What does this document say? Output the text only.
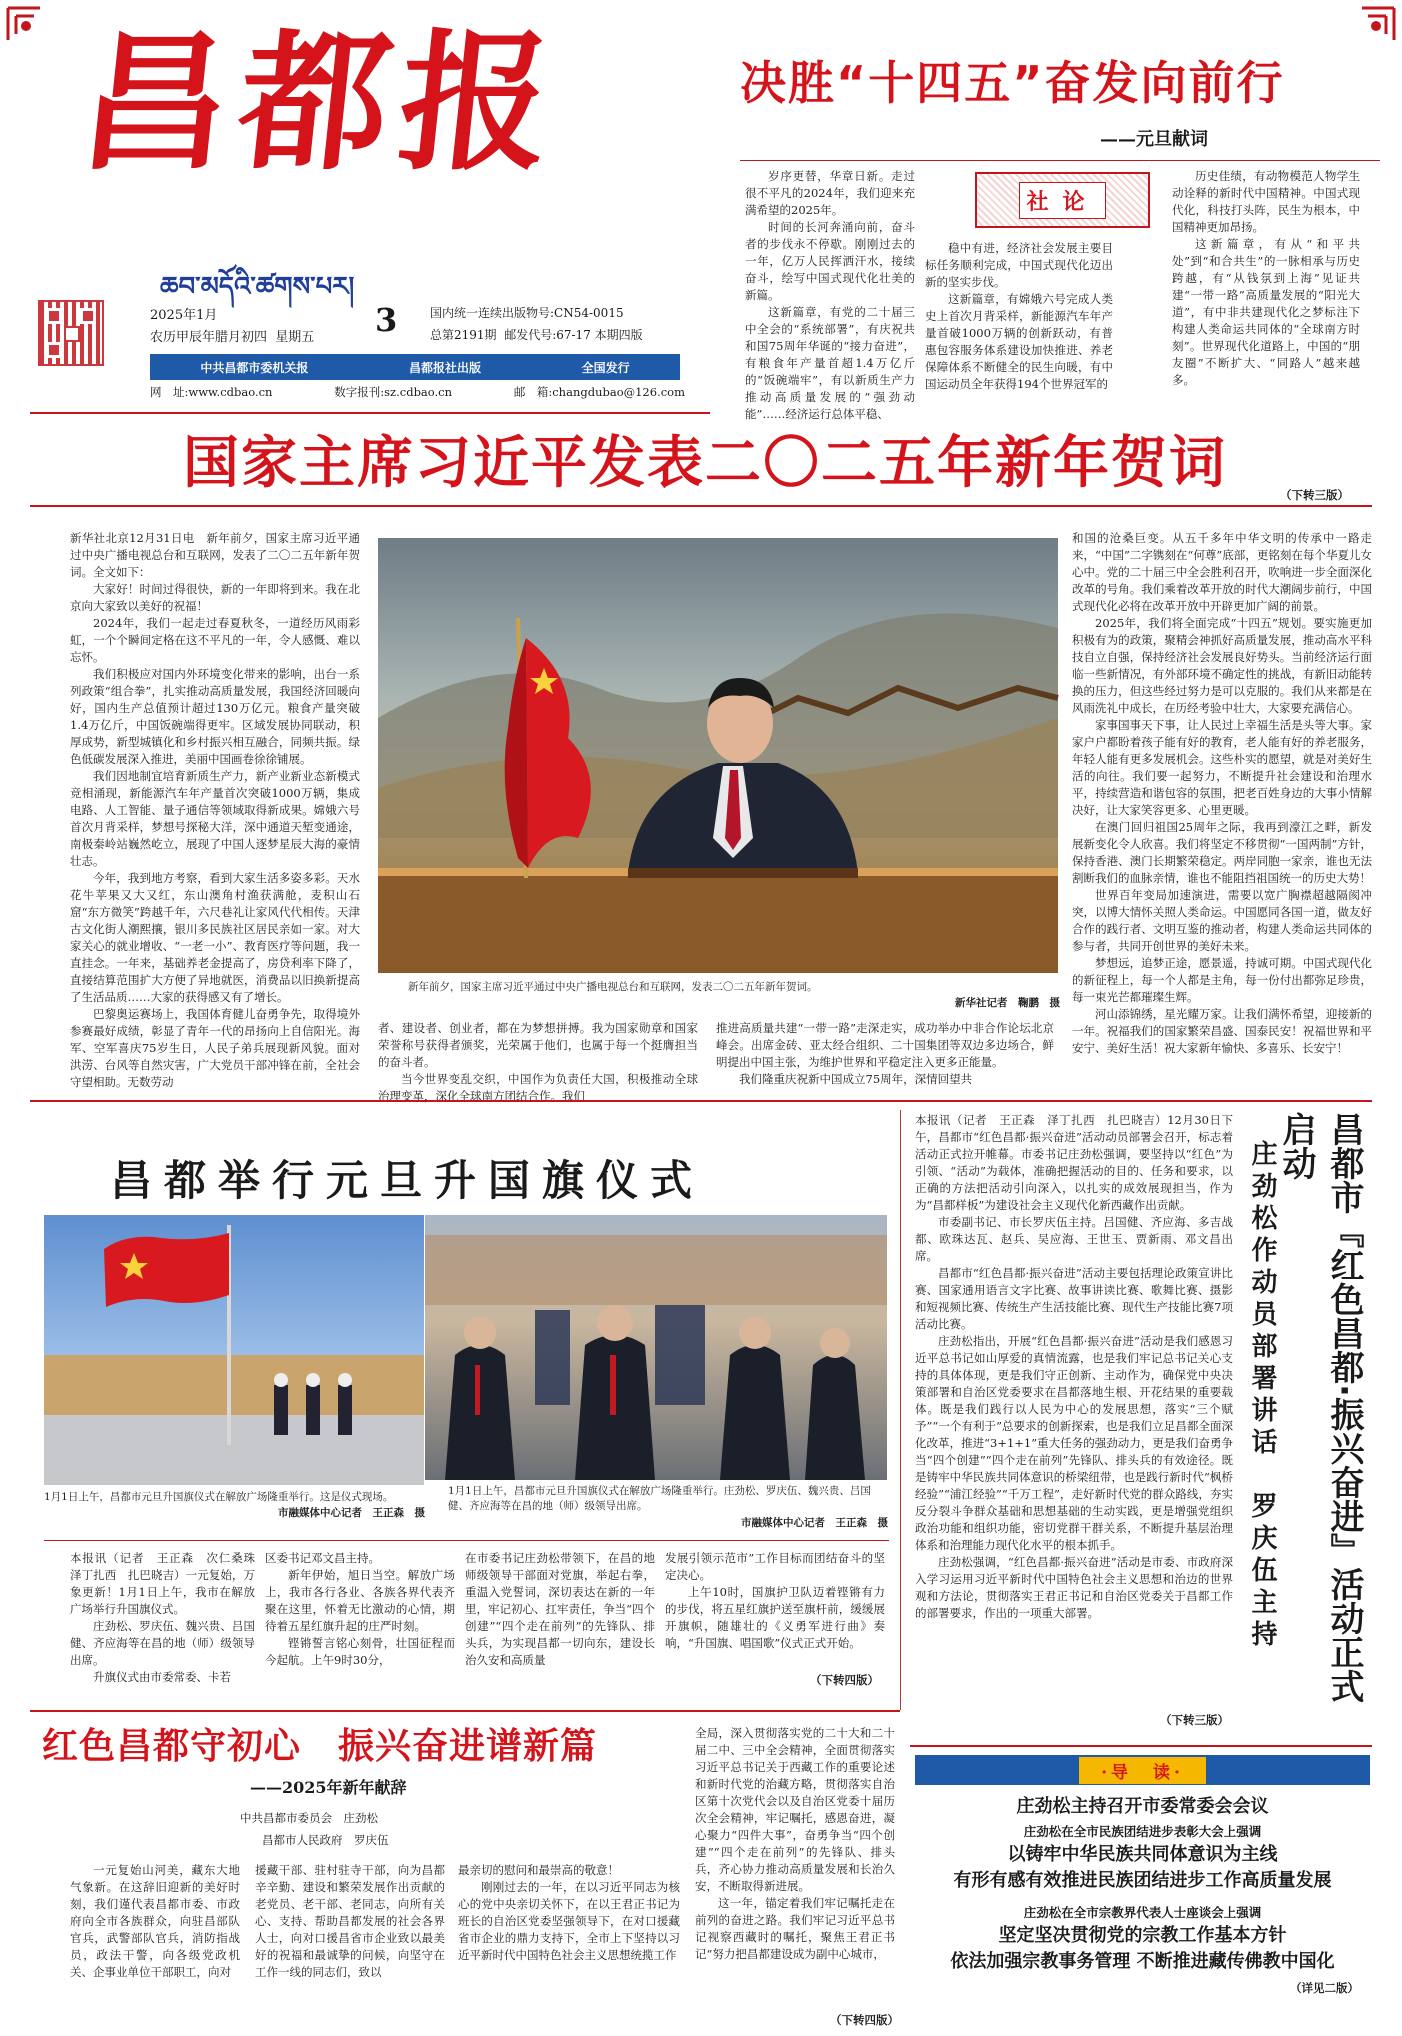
昌都报
ཆབ་མདོའི་ཚགས་པར།
2025年1月
农历甲辰年腊月初四 星期五	3	国内统一连续出版物号:CN54-0015
总第2191期 邮发代号:67-17 本期四版
中共昌都市委机关报	昌都报社出版	全国发行
网　址:www.cdbao.cn	数字报刊:sz.cdbao.cn	邮　箱:changdubao@126.com
决胜“十四五”奋发向前行
——元旦献词

岁序更替，华章日新。走过很不平凡的2024年，我们迎来充满希望的2025年。

时间的长河奔涌向前，奋斗者的步伐永不停歇。刚刚过去的一年，亿万人民挥洒汗水，接续奋斗，绘写中国式现代化壮美的新篇。

这新篇章，有党的二十届三中全会的“系统部署”，有庆祝共和国75周年华诞的“接力奋进”，有粮食年产量首超1.4万亿斤的“饭碗端牢”，有以新质生产力推动高质量发展的“强劲动能”……经济运行总体平稳、

社论

稳中有进，经济社会发展主要目标任务顺利完成，中国式现代化迈出新的坚实步伐。

这新篇章，有嫦娥六号完成人类史上首次月背采样，新能源汽车年产量首破1000万辆的创新跃动，有普惠包容服务体系建设加快推进、养老保障体系不断健全的民生向暖，有中国运动员全年获得194个世界冠军的

历史佳绩，有动物模范人物学生动诠释的新时代中国精神。中国式现代化，科技打头阵，民生为根本，中国精神更加昂扬。

这新篇章，有从“和平共处”到“和合共生”的一脉相承与历史跨越，有“从钱氛到上海”见证共建“一带一路”高质量发展的“阳光大道”，有中非共建现代化之梦标注下构建人类命运共同体的“全球南方时刻”。世界现代化道路上，中国的“朋友圈”不断扩大、“同路人”越来越多。

（下转三版）
国家主席习近平发表二〇二五年新年贺词

新华社北京12月31日电　新年前夕，国家主席习近平通过中央广播电视总台和互联网，发表了二〇二五年新年贺词。全文如下：

大家好！时间过得很快，新的一年即将到来。我在北京向大家致以美好的祝福！

2024年，我们一起走过春夏秋冬，一道经历风雨彩虹，一个个瞬间定格在这不平凡的一年，令人感慨、难以忘怀。

我们积极应对国内外环境变化带来的影响，出台一系列政策“组合拳”，扎实推动高质量发展，我国经济回暖向好，国内生产总值预计超过130万亿元。粮食产量突破1.4万亿斤，中国饭碗端得更牢。区域发展协同联动，积厚成势，新型城镇化和乡村振兴相互融合，同频共振。绿色低碳发展深入推进，美丽中国画卷徐徐铺展。

我们因地制宜培育新质生产力，新产业新业态新模式竞相涌现，新能源汽车年产量首次突破1000万辆，集成电路、人工智能、量子通信等领域取得新成果。嫦娥六号首次月背采样，梦想号探秘大洋，深中通道天堑变通途，南极秦岭站巍然屹立，展现了中国人逐梦星辰大海的豪情壮志。

今年，我到地方考察，看到大家生活多姿多彩。天水花牛苹果又大又红，东山澳角村渔获满舱，麦积山石窟“东方微笑”跨越千年，六尺巷礼让家风代代相传。天津古文化街人潮熙攘，银川多民族社区居民亲如一家。对大家关心的就业增收、“一老一小”、教育医疗等问题，我一直挂念。一年来，基础养老金提高了，房贷利率下降了，直接结算范围扩大方便了异地就医，消费品以旧换新提高了生活品质……大家的获得感又有了增长。

巴黎奥运赛场上，我国体育健儿奋勇争先，取得境外参赛最好成绩，彰显了青年一代的昂扬向上自信阳光。海军、空军喜庆75岁生日，人民子弟兵展现新风貌。面对洪涝、台风等自然灾害，广大党员干部冲锋在前，全社会守望相助。无数劳动

新年前夕，国家主席习近平通过中央广播电视总台和互联网，发表二〇二五年新年贺词。
新华社记者　鞠鹏　摄

者、建设者、创业者，都在为梦想拼搏。我为国家勋章和国家荣誉称号获得者颁奖，光荣属于他们，也属于每一个挺膺担当的奋斗者。

当今世界变乱交织，中国作为负责任大国，积极推动全球治理变革，深化全球南方团结合作。我们

推进高质量共建“一带一路”走深走实，成功举办中非合作论坛北京峰会。出席金砖、亚太经合组织、二十国集团等双边多边场合，鲜明提出中国主张，为维护世界和平稳定注入更多正能量。

我们隆重庆祝新中国成立75周年，深情回望共

和国的沧桑巨变。从五千多年中华文明的传承中一路走来，“中国”二字镌刻在“何尊”底部，更铭刻在每个华夏儿女心中。党的二十届三中全会胜利召开，吹响进一步全面深化改革的号角。我们乘着改革开放的时代大潮阔步前行，中国式现代化必将在改革开放中开辟更加广阔的前景。

2025年，我们将全面完成“十四五”规划。要实施更加积极有为的政策，聚精会神抓好高质量发展，推动高水平科技自立自强，保持经济社会发展良好势头。当前经济运行面临一些新情况，有外部环境不确定性的挑战，有新旧动能转换的压力，但这些经过努力是可以克服的。我们从来都是在风雨洗礼中成长，在历经考验中壮大，大家要充满信心。

家事国事天下事，让人民过上幸福生活是头等大事。家家户户都盼着孩子能有好的教育，老人能有好的养老服务，年轻人能有更多发展机会。这些朴实的愿望，就是对美好生活的向往。我们要一起努力，不断提升社会建设和治理水平，持续营造和谐包容的氛围，把老百姓身边的大事小情解决好，让大家笑容更多、心里更暖。

在澳门回归祖国25周年之际，我再到濠江之畔，新发展新变化令人欣喜。我们将坚定不移贯彻“一国两制”方针，保持香港、澳门长期繁荣稳定。两岸同胞一家亲，谁也无法割断我们的血脉亲情，谁也不能阻挡祖国统一的历史大势！

世界百年变局加速演进，需要以宽广胸襟超越隔阂冲突，以博大情怀关照人类命运。中国愿同各国一道，做友好合作的践行者、文明互鉴的推动者，构建人类命运共同体的参与者，共同开创世界的美好未来。

梦想远，追梦正途，愿景遥，持诚可期。中国式现代化的新征程上，每一个人都是主角，每一份付出都弥足珍贵，每一束光芒都璀璨生辉。

河山添锦绣，星光耀万家。让我们满怀希望，迎接新的一年。祝福我们的国家繁荣昌盛、国泰民安！祝福世界和平安宁、美好生活！祝大家新年愉快、多喜乐、长安宁！

昌都举行元旦升国旗仪式
1月1日上午，昌都市元旦升国旗仪式在解放广场隆重举行。这是仪式现场。
市融媒体中心记者　王正森　摄
1月1日上午，昌都市元旦升国旗仪式在解放广场隆重举行。庄劲松、罗庆伍、魏兴贵、吕国健、齐应海等在昌的地（师）级领导出席。
市融媒体中心记者　王正森　摄

本报讯（记者　王正森　次仁桑珠　泽丁扎西　扎巴晓吉）一元复始，万象更新！1月1日上午，我市在解放广场举行升国旗仪式。

庄劲松、罗庆伍、魏兴贵、吕国健、齐应海等在昌的地（师）级领导出席。

升旗仪式由市委常委、卡若

区委书记邓文昌主持。

新年伊始，旭日当空。解放广场上，我市各行各业、各族各界代表齐聚在这里，怀着无比激动的心情，期待着五星红旗升起的庄严时刻。

铿锵誓言铭心刻骨，壮国征程而今起航。上午9时30分，

在市委书记庄劲松带领下，在昌的地师级领导干部面对党旗，举起右拳，重温入党誓词，深切表达在新的一年里，牢记初心、扛牢责任，争当“四个创建”“四个走在前列”的先锋队、排头兵，为实现昌都一切向东，建设长治久安和高质量

发展引领示范市”工作目标而团结奋斗的坚定决心。

上午10时，国旗护卫队迈着铿锵有力的步伐，将五星红旗护送至旗杆前，缓缓展开旗帜，随雄壮的《义勇军进行曲》奏响，“升国旗、唱国歌”仪式正式开始。

（下转四版）

本报讯（记者　王正森　泽丁扎西　扎巴晓吉）12月30日下午，昌都市“红色昌都·振兴奋进”活动动员部署会召开，标志着活动正式拉开帷幕。市委书记庄劲松强调，要坚持以“红色”为引领、“活动”为载体，准确把握活动的目的、任务和要求，以正确的方法把活动引向深入，以扎实的成效展现担当，作为为“昌都样板”为建设社会主义现代化新西藏作出贡献。

市委副书记、市长罗庆伍主持。吕国健、齐应海、多吉战都、欧珠达瓦、赵兵、吴应海、王世玉、贾新雨、邓文昌出席。

昌都市“红色昌都·振兴奋进”活动主要包括理论政策宣讲比赛、国家通用语言文字比赛、故事讲读比赛、歌舞比赛、摄影和短视频比赛、传统生产生活技能比赛、现代生产技能比赛7项活动比赛。

庄劲松指出，开展“红色昌都·振兴奋进”活动是我们感恩习近平总书记如山厚爱的真情流露，也是我们牢记总书记关心支持的具体体现，更是我们守正创新、主动作为，确保党中央决策部署和自治区党委要求在昌都落地生根、开花结果的重要载体。既是我们践行以人民为中心的发展思想，落实“三个赋予”“一个有利于”总要求的创新探索，也是我们立足昌都全面深化改革，推进“3+1+1”重大任务的强劲动力，更是我们奋勇争当“四个创建”“四个走在前列”先锋队、排头兵的有效途径。既是铸牢中华民族共同体意识的桥梁纽带，也是践行新时代“枫桥经验”“浦江经验”“千万工程”，走好新时代党的群众路线，夯实反分裂斗争群众基础和思想基础的生动实践，更是增强党组织政治功能和组织功能，密切党群干群关系，不断提升基层治理体系和治理能力现代化水平的根本抓手。

庄劲松强调，“红色昌都·振兴奋进”活动是市委、市政府深入学习运用习近平新时代中国特色社会主义思想和治边的世界观和方法论，贯彻落实王君正书记和自治区党委关于昌都工作的部署要求，作出的一项重大部署。

（下转三版）
庄劲松作动员部署讲话　罗庆伍主持	昌都市『红色昌都·振兴奋进』活动正式启动
红色昌都守初心　振兴奋进谱新篇
——2025年新年献辞
中共昌都市委员会　庄劲松
昌都市人民政府　罗庆伍

一元复始山河美，藏东大地气象新。在这辞旧迎新的美好时刻，我们谨代表昌都市委、市政府向全市各族群众，向驻昌部队官兵，武警部队官兵，消防指战员，政法干警，向各级党政机关、企事业单位干部职工，向对

援藏干部、驻村驻寺干部，向为昌都辛辛勤、建设和繁荣发展作出贡献的老党员、老干部、老同志，向所有关心、支持、帮助昌都发展的社会各界人士，向对口援昌省市企业致以最美好的祝福和最诚挚的问候，向坚守在工作一线的同志们，致以

最亲切的慰问和最崇高的敬意！

刚刚过去的一年，在以习近平同志为核心的党中央亲切关怀下，在以王君正书记为班长的自治区党委坚强领导下，在对口援藏省市企业的鼎力支持下，全市上下坚持以习近平新时代中国特色社会主义思想统揽工作

全局，深入贯彻落实党的二十大和二十届二中、三中全会精神，全面贯彻落实习近平总书记关于西藏工作的重要论述和新时代党的治藏方略，贯彻落实自治区第十次党代会以及自治区党委十届历次全会精神，牢记嘱托，感恩奋进，凝心聚力“四件大事”，奋勇争当“四个创建”“四个走在前列”的先锋队、排头兵，齐心协力推动高质量发展和长治久安，不断取得新进展。

这一年，锚定着我们牢记嘱托走在前列的奋进之路。我们牢记习近平总书记视察西藏时的嘱托，聚焦王君正书记“努力把昌都建设成为副中心城市，

（下转四版）
·导　读·
庄劲松主持召开市委常委会会议
庄劲松在全市民族团结进步表彰大会上强调
以铸牢中华民族共同体意识为主线
有形有感有效推进民族团结进步工作高质量发展
庄劲松在全市宗教界代表人士座谈会上强调
坚定坚决贯彻党的宗教工作基本方针
依法加强宗教事务管理 不断推进藏传佛教中国化
（详见二版）
